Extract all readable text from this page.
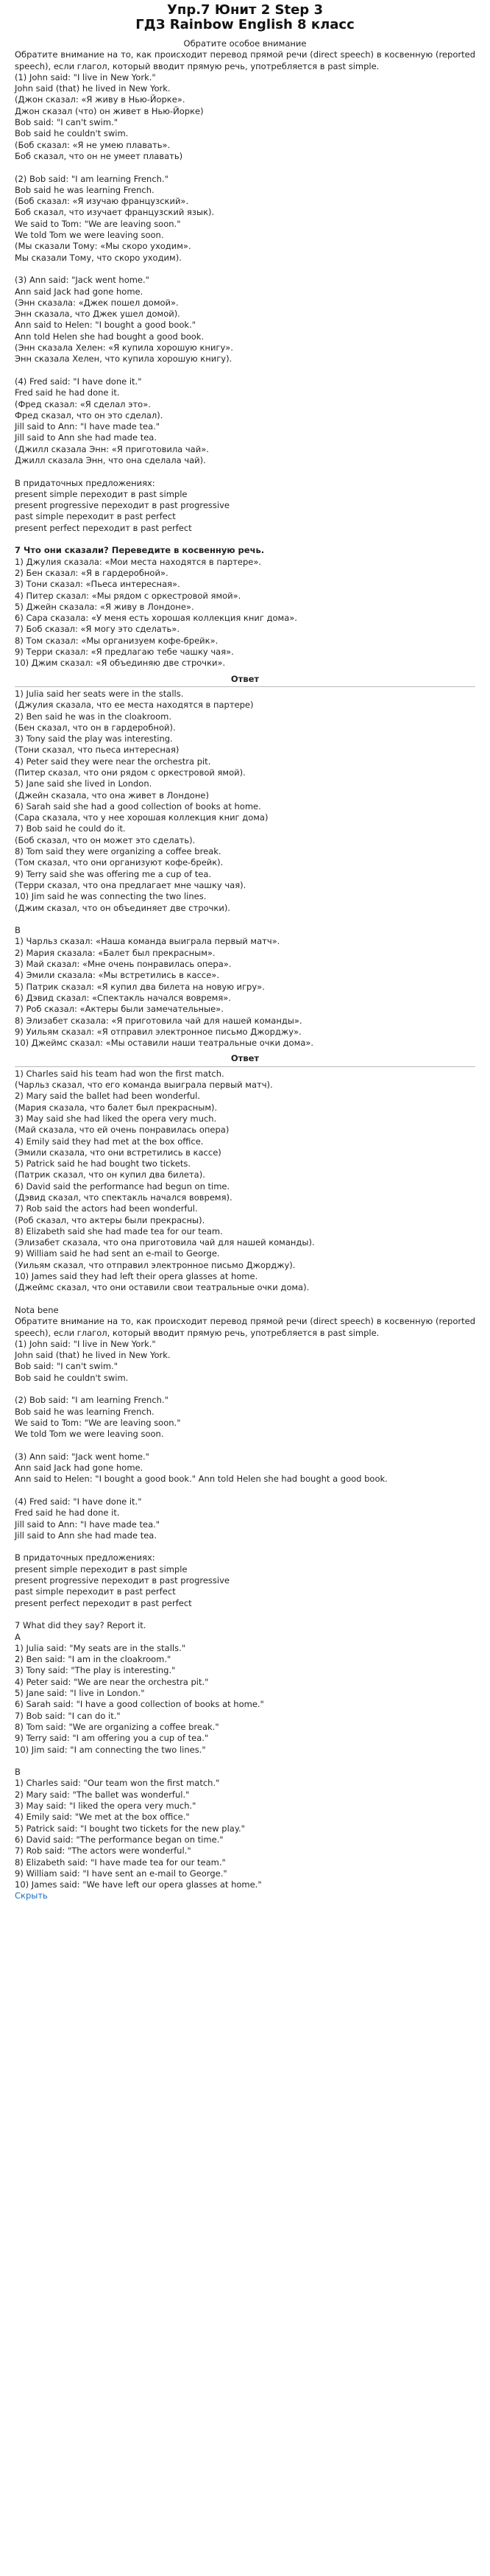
Упр.7 Юнит 2 Step 3
ГДЗ Rainbow English 8 класс
Обратите особое внимание

Обратите внимание на то, как происходит перевод прямой речи (direct speech) в косвенную (reported speech), если глагол, который вводит прямую речь, употребляется в past simple.

(1) John said: "I live in New York."

John said (that) he lived in New York.

(Джон сказал: «Я живу в Нью-Йорке».

Джон сказал (что) он живет в Нью-Йорке)

Bob said: "I can't swim."

Bob said he couldn't swim.

(Боб сказал: «Я не умею плавать».

Боб сказал, что он не умеет плавать)

(2) Bob said: "I am learning French."

Bob said he was learning French.

(Боб сказал: «Я изучаю французский».

Боб сказал, что изучает французский язык).

We said to Tom: "We are leaving soon."

We told Tom we were leaving soon.

(Мы сказали Тому: «Мы скоро уходим».

Мы сказали Тому, что скоро уходим).

(3) Ann said: "Jack went home."

Ann said Jack had gone home.

(Энн сказала: «Джек пошел домой».

Энн сказала, что Джек ушел домой).

Ann said to Helen: "I bought a good book."

Ann told Helen she had bought a good book.

(Энн сказала Хелен: «Я купила хорошую книгу».

Энн сказала Хелен, что купила хорошую книгу).

(4) Fred said: "I have done it."

Fred said he had done it.

(Фред сказал: «Я сделал это».

Фред сказал, что он это сделал).

Jill said to Ann: "I have made tea."

Jill said to Ann she had made tea.

(Джилл сказала Энн: «Я приготовила чай».

Джилл сказала Энн, что она сделала чай).

В придаточных предложениях:

present simple переходит в past simple

present progressive переходит в past progressive

past simple переходит в past perfect

present perfect переходит в past perfect

7 Что они сказали? Переведите в косвенную речь.

1) Джулия сказала: «Мои места находятся в партере».

2) Бен сказал: «Я в гардеробной».

3) Тони сказал: «Пьеса интересная».

4) Питер сказал: «Мы рядом с оркестровой ямой».

5) Джейн сказала: «Я живу в Лондоне».

6) Сара сказала: «У меня есть хорошая коллекция книг дома».

7) Боб сказал: «Я могу это сделать».

8) Том сказал: «Мы организуем кофе-брейк».

9) Терри сказал: «Я предлагаю тебе чашку чая».

10) Джим сказал: «Я объединяю две строчки».

Ответ

1) Julia said her seats were in the stalls.

(Джулия сказала, что ее места находятся в партере)

2) Ben said he was in the cloakroom.

(Бен сказал, что он в гардеробной).

3) Tony said the play was interesting.

(Тони сказал, что пьеса интересная)

4) Peter said they were near the orchestra pit.

(Питер сказал, что они рядом с оркестровой ямой).

5) Jane said she lived in London.

(Джейн сказала, что она живет в Лондоне)

6) Sarah said she had a good collection of books at home.

(Сара сказала, что у нее хорошая коллекция книг дома)

7) Bob said he could do it.

(Боб сказал, что он может это сделать).

8) Tom said they were organizing a coffee break.

(Том сказал, что они организуют кофе-брейк).

9) Terry said she was offering me a cup of tea.

(Терри сказал, что она предлагает мне чашку чая).

10) Jim said he was connecting the two lines.

(Джим сказал, что он объединяет две строчки).

B

1) Чарльз сказал: «Наша команда выиграла первый матч».

2) Мария сказала: «Балет был прекрасным».

3) Май сказал: «Мне очень понравилась опера».

4) Эмили сказала: «Мы встретились в кассе».

5) Патрик сказал: «Я купил два билета на новую игру».

6) Дэвид сказал: «Спектакль начался вовремя».

7) Роб сказал: «Актеры были замечательные».

8) Элизабет сказала: «Я приготовила чай для нашей команды».

9) Уильям сказал: «Я отправил электронное письмо Джорджу».

10) Джеймс сказал: «Мы оставили наши театральные очки дома».

Ответ

1) Charles said his team had won the first match.

(Чарльз сказал, что его команда выиграла первый матч).

2) Mary said the ballet had been wonderful.

(Мария сказала, что балет был прекрасным).

3) May said she had liked the opera very much.

(Май сказала, что ей очень понравилась опера)

4) Emily said they had met at the box office.

(Эмили сказала, что они встретились в кассе)

5) Patrick said he had bought two tickets.

(Патрик сказал, что он купил два билета).

6) David said the performance had begun on time.

(Дэвид сказал, что спектакль начался вовремя).

7) Rob said the actors had been wonderful.

(Роб сказал, что актеры были прекрасны).

8) Elizabeth said she had made tea for our team.

(Элизабет сказала, что она приготовила чай для нашей команды).

9) William said he had sent an e-mail to George.

(Уильям сказал, что отправил электронное письмо Джорджу).

10) James said they had left their opera glasses at home.

(Джеймс сказал, что они оставили свои театральные очки дома).

Nota bene

Обратите внимание на то, как происходит перевод прямой речи (direct speech) в косвенную (reported speech), если глагол, который вводит прямую речь, употребляется в past simple.

(1) John said: "I live in New York."

John said (that) he lived in New York.

Bob said: "I can't swim."

Bob said he couldn't swim.

(2) Bob said: "I am learning French."

Bob said he was learning French.

We said to Tom: "We are leaving soon."

We told Tom we were leaving soon.

(3) Ann said: "Jack went home."

Ann said Jack had gone home.

Ann said to Helen: "I bought a good book." Ann told Helen she had bought a good book.

(4) Fred said: "I have done it."

Fred said he had done it.

Jill said to Ann: "I have made tea."

Jill said to Ann she had made tea.

В придаточных предложениях:

present simple переходит в past simple

present progressive переходит в past progressive

past simple переходит в past perfect

present perfect переходит в past perfect

7 What did they say? Report it.

A

1) Julia said: "My seats are in the stalls."

2) Ben said: "I am in the cloakroom."

3) Tony said: "The play is interesting."

4) Peter said: "We are near the orchestra pit."

5) Jane said: "I live in London."

6) Sarah said: "I have a good collection of books at home."

7) Bob said: "I can do it."

8) Tom said: "We are organizing a coffee break."

9) Terry said: "I am offering you a cup of tea."

10) Jim said: "I am connecting the two lines."

B

1) Charles said: "Our team won the first match."

2) Mary said: "The ballet was wonderful."

3) May said: "I liked the opera very much."

4) Emily said: "We met at the box office."

5) Patrick said: "I bought two tickets for the new play."

6) David said: "The performance began on time."

7) Rob said: "The actors were wonderful."

8) Elizabeth said: "I have made tea for our team."

9) William said: "I have sent an e-mail to George."

10) James said: "We have left our opera glasses at home."

Скрыть
